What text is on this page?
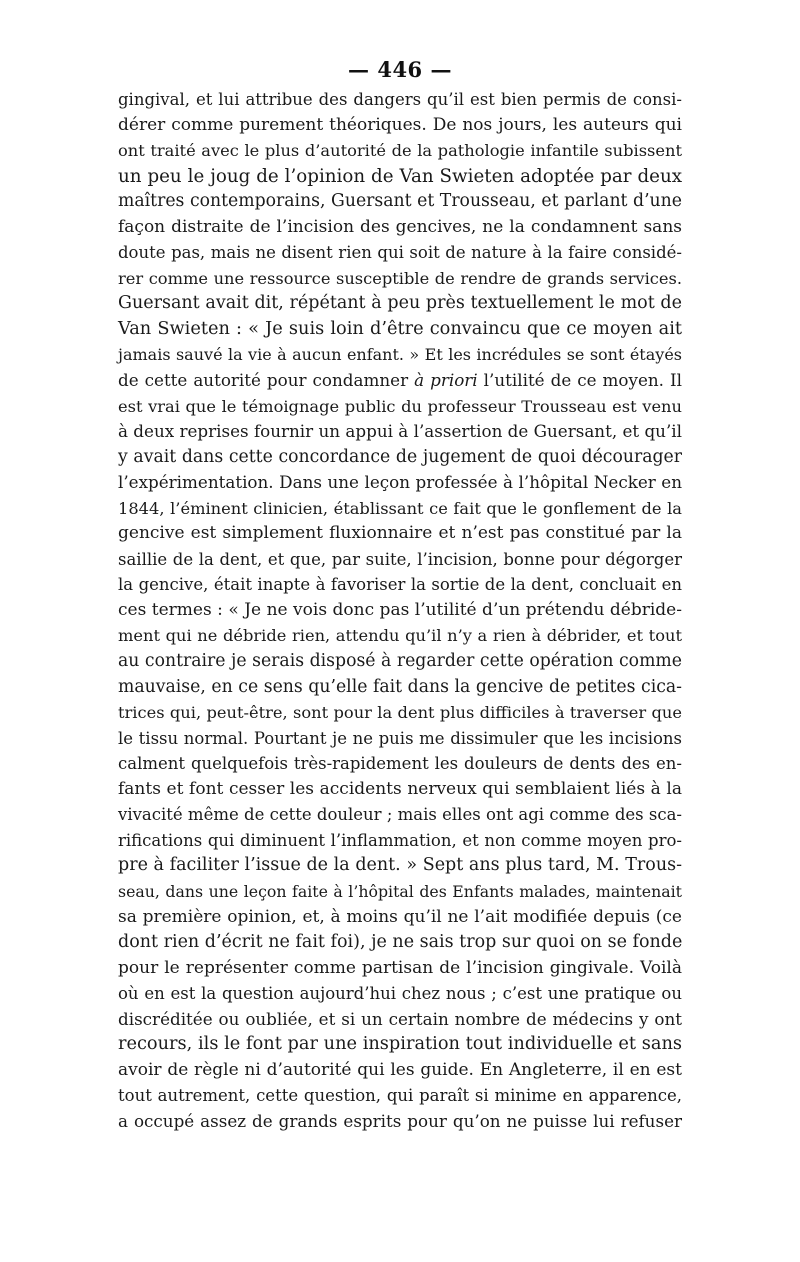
— 446 —
gingival, et lui attribue des dangers qu’il est bien permis de consi-
dérer comme purement théoriques. De nos jours, les auteurs qui
ont traité avec le plus d’autorité de la pathologie infantile subissent
un peu le joug de l’opinion de Van Swieten adoptée par deux
maîtres contemporains, Guersant et Trousseau, et parlant d’une
façon distraite de l’incision des gencives, ne la condamnent sans
doute pas, mais ne disent rien qui soit de nature à la faire considé-
rer comme une ressource susceptible de rendre de grands services.
Guersant avait dit, répétant à peu près textuellement le mot de
Van Swieten : « Je suis loin d’être convaincu que ce moyen ait
jamais sauvé la vie à aucun enfant. » Et les incrédules se sont étayés
de cette autorité pour condamner à priori l’utilité de ce moyen. Il
est vrai que le témoignage public du professeur Trousseau est venu
à deux reprises fournir un appui à l’assertion de Guersant, et qu’il
y avait dans cette concordance de jugement de quoi décourager
l’expérimentation. Dans une leçon professée à l’hôpital Necker en
1844, l’éminent clinicien, établissant ce fait que le gonflement de la
gencive est simplement fluxionnaire et n’est pas constitué par la
saillie de la dent, et que, par suite, l’incision, bonne pour dégorger
la gencive, était inapte à favoriser la sortie de la dent, concluait en
ces termes : « Je ne vois donc pas l’utilité d’un prétendu débride-
ment qui ne débride rien, attendu qu’il n’y a rien à débrider, et tout
au contraire je serais disposé à regarder cette opération comme
mauvaise, en ce sens qu’elle fait dans la gencive de petites cica-
trices qui, peut-être, sont pour la dent plus difficiles à traverser que
le tissu normal. Pourtant je ne puis me dissimuler que les incisions
calment quelquefois très-rapidement les douleurs de dents des en-
fants et font cesser les accidents nerveux qui semblaient liés à la
vivacité même de cette douleur ; mais elles ont agi comme des sca-
rifications qui diminuent l’inflammation, et non comme moyen pro-
pre à faciliter l’issue de la dent. » Sept ans plus tard, M. Trous-
seau, dans une leçon faite à l’hôpital des Enfants malades, maintenait
sa première opinion, et, à moins qu’il ne l’ait modifiée depuis (ce
dont rien d’écrit ne fait foi), je ne sais trop sur quoi on se fonde
pour le représenter comme partisan de l’incision gingivale. Voilà
où en est la question aujourd’hui chez nous ; c’est une pratique ou
discréditée ou oubliée, et si un certain nombre de médecins y ont
recours, ils le font par une inspiration tout individuelle et sans
avoir de règle ni d’autorité qui les guide. En Angleterre, il en est
tout autrement, cette question, qui paraît si minime en apparence,
a occupé assez de grands esprits pour qu’on ne puisse lui refuser
